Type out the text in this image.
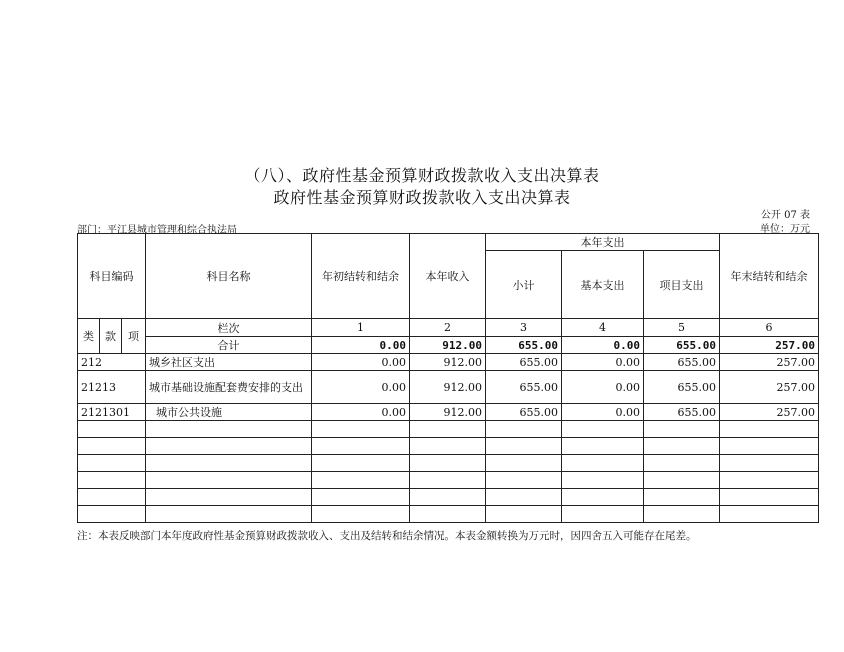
（八）、政府性基金预算财政拨款收入支出决算表
政府性基金预算财政拨款收入支出决算表
公开 07 表
部门：平江县城市管理和综合执法局	单位：万元
科目编码			科目名称	年初结转和结余	本年收入	本年支出			年末结转和结余
						小计	基本支出	项目支出	
类	款	项	栏次	1	2	3	4	5	6
			合计	0.00	912.00	655.00	0.00	655.00	257.00
212			城乡社区支出	0.00	912.00	655.00	0.00	655.00	257.00
21213			城市基础设施配套费安排的支出	0.00	912.00	655.00	0.00	655.00	257.00
2121301			城市公共设施	0.00	912.00	655.00	0.00	655.00	257.00

注：本表反映部门本年度政府性基金预算财政拨款收入、支出及结转和结余情况。本表金额转换为万元时，因四舍五入可能存在尾差。
